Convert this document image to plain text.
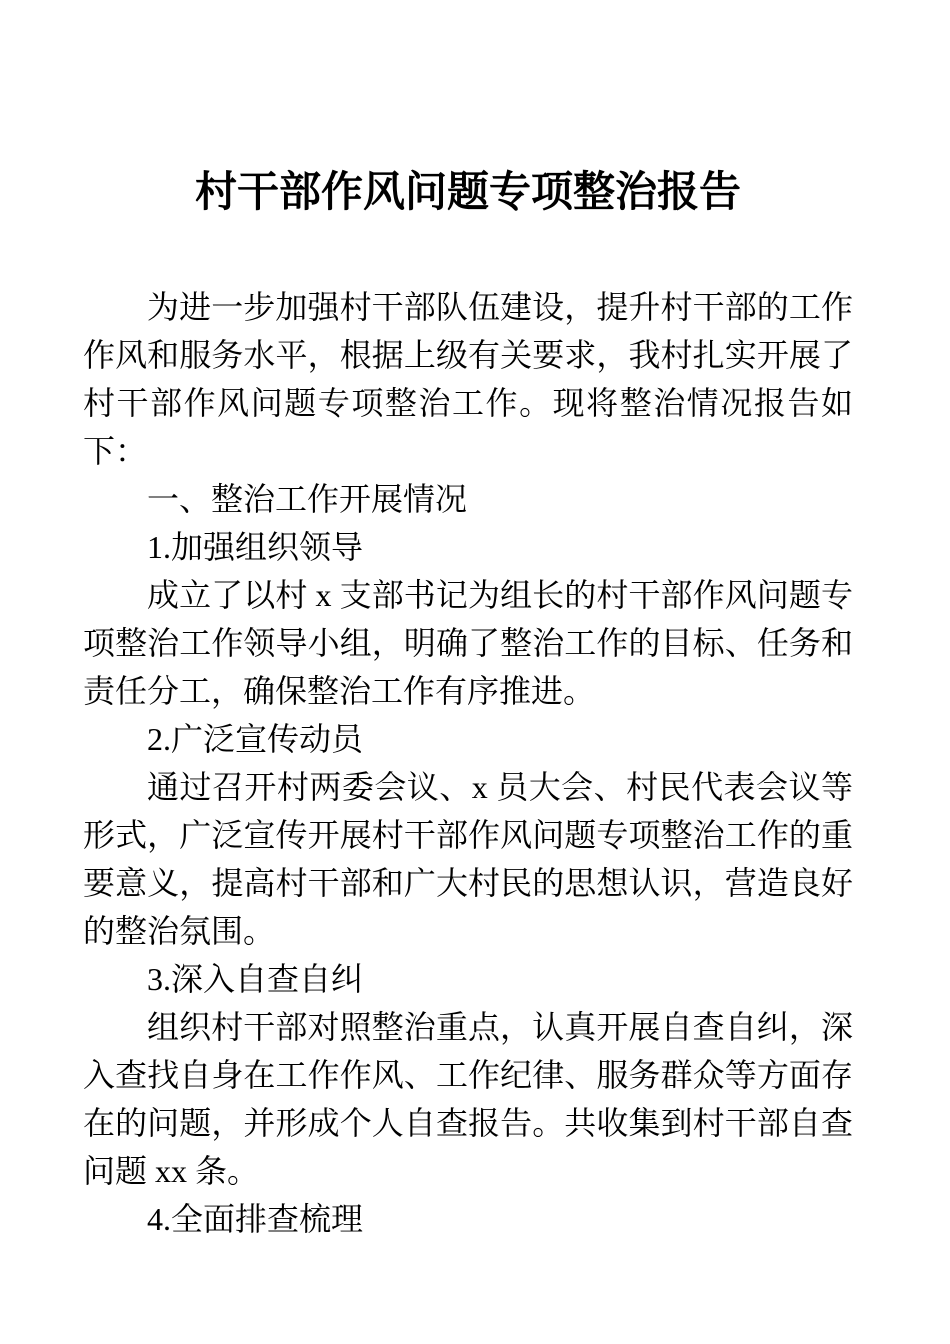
村干部作风问题专项整治报告

为进一步加强村干部队伍建设，提升村干部的工作作风和服务水平，根据上级有关要求，我村扎实开展了村干部作风问题专项整治工作。现将整治情况报告如下：

一、整治工作开展情况

1.加强组织领导

成立了以村 x 支部书记为组长的村干部作风问题专项整治工作领导小组，明确了整治工作的目标、任务和责任分工，确保整治工作有序推进。

2.广泛宣传动员

通过召开村两委会议、x 员大会、村民代表会议等形式，广泛宣传开展村干部作风问题专项整治工作的重要意义，提高村干部和广大村民的思想认识，营造良好的整治氛围。

3.深入自查自纠

组织村干部对照整治重点，认真开展自查自纠，深入查找自身在工作作风、工作纪律、服务群众等方面存在的问题，并形成个人自查报告。共收集到村干部自查问题 xx 条。

4.全面排查梳理
